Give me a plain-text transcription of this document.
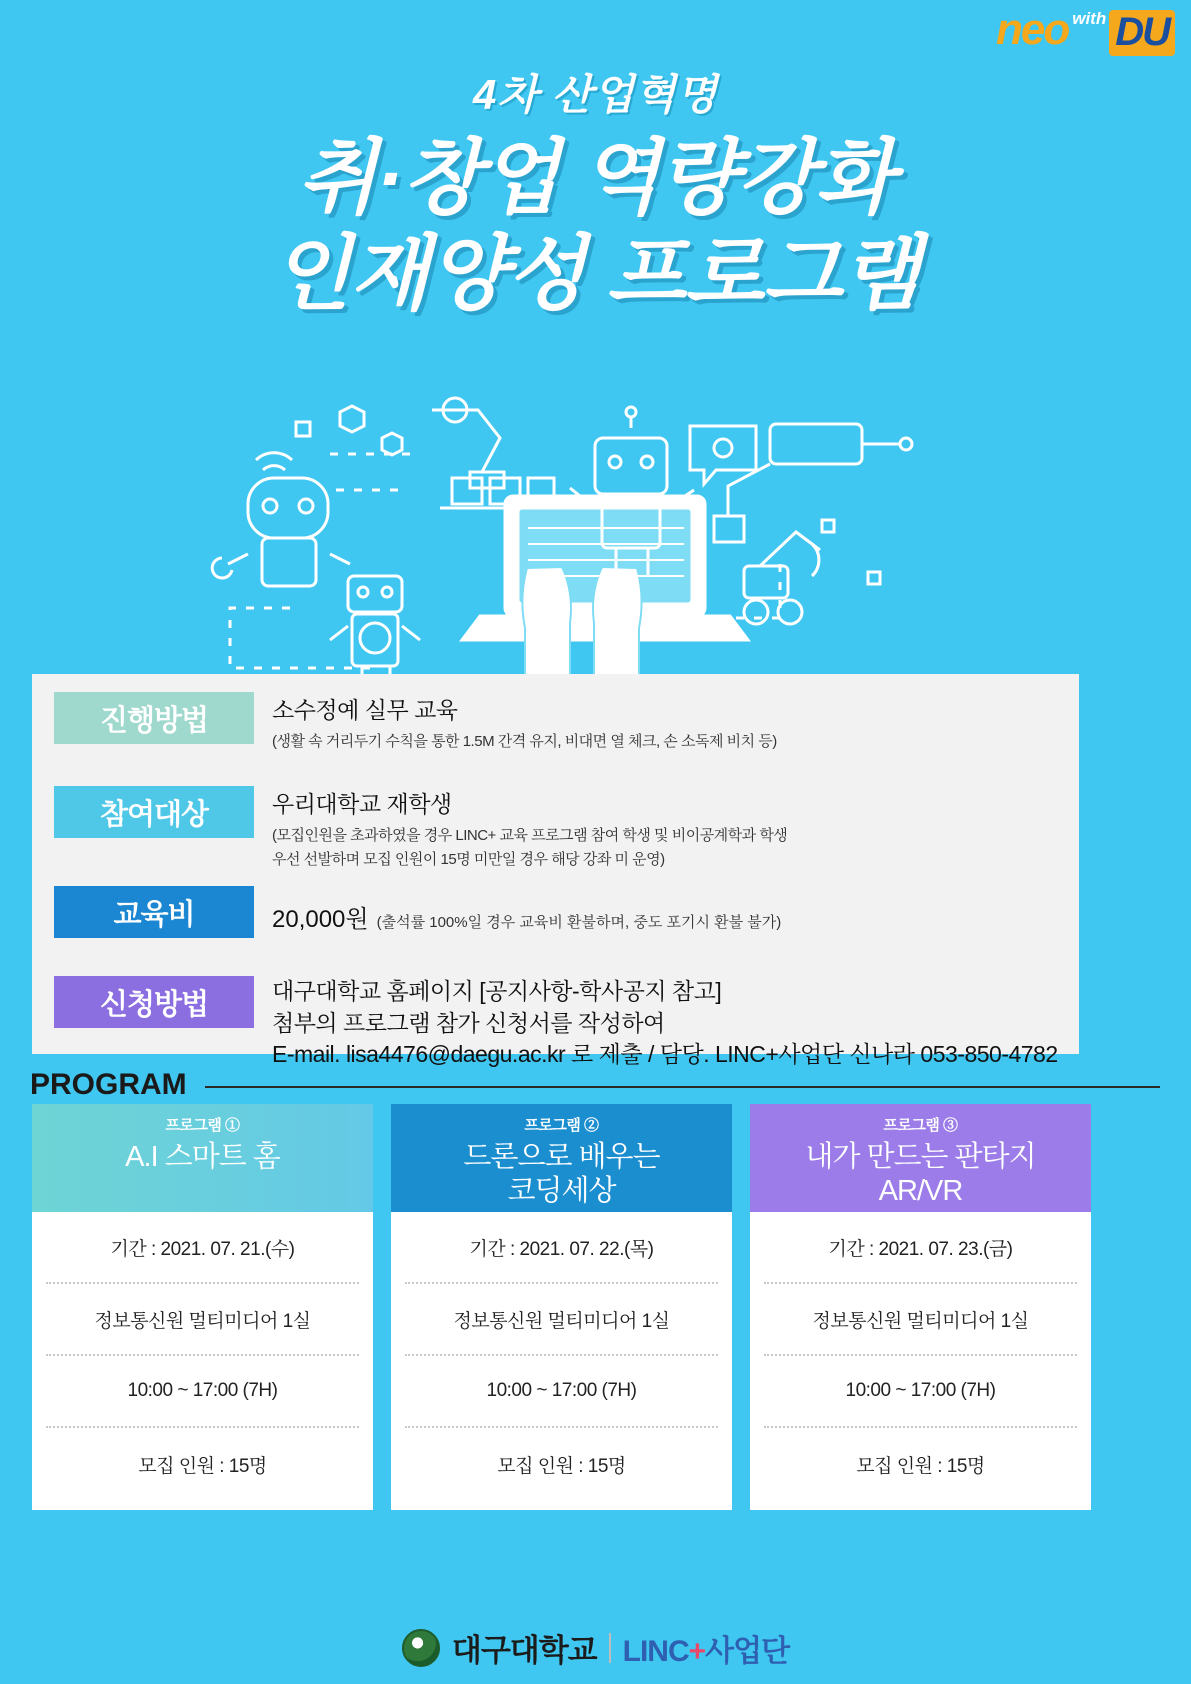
neo with DU
4차 산업혁명
취·창업 역량강화
인재양성 프로그램
진행방법	소수정예 실무 교육
(생활 속 거리두기 수칙을 통한 1.5M 간격 유지, 비대면 열 체크, 손 소독제 비치 등)
참여대상	우리대학교 재학생
(모집인원을 초과하였을 경우 LINC+ 교육 프로그램 참여 학생 및 비이공계학과 학생
우선 선발하며 모집 인원이 15명 미만일 경우 해당 강좌 미 운영)
교육비	20,000원 (출석률 100%일 경우 교육비 환불하며, 중도 포기시 환불 불가)
신청방법	대구대학교 홈페이지 [공지사항-학사공지 참고]
첨부의 프로그램 참가 신청서를 작성하여
E-mail. lisa4476@daegu.ac.kr 로 제출 / 담당. LINC+사업단 신나라 053-850-4782
PROGRAM
프로그램 ①
A.I 스마트 홈
기간 : 2021. 07. 21.(수)
정보통신원 멀티미디어 1실
10:00 ~ 17:00 (7H)
모집 인원 : 15명
프로그램 ②
드론으로 배우는
코딩세상
기간 : 2021. 07. 22.(목)
정보통신원 멀티미디어 1실
10:00 ~ 17:00 (7H)
모집 인원 : 15명
프로그램 ③
내가 만드는 판타지
AR/VR
기간 : 2021. 07. 23.(금)
정보통신원 멀티미디어 1실
10:00 ~ 17:00 (7H)
모집 인원 : 15명
대구대학교 LINC+사업단
